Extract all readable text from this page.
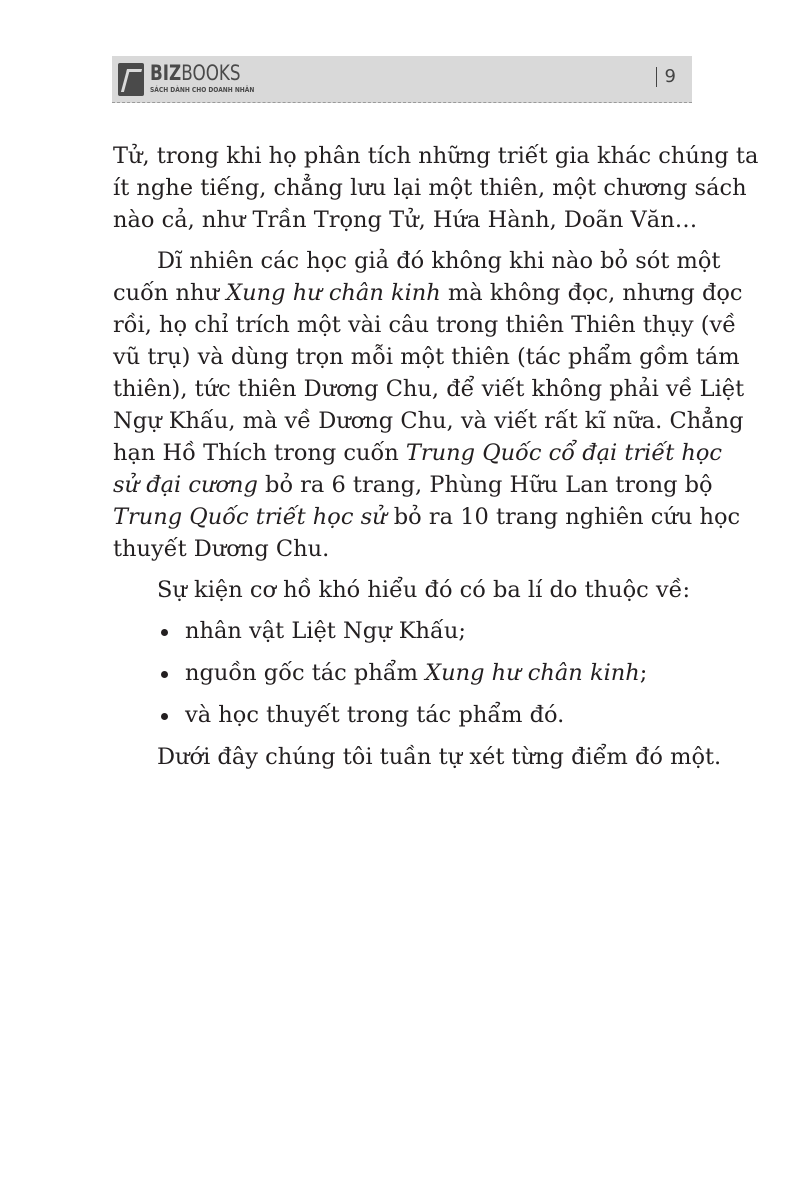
BIZBOOKS
SÁCH DÀNH CHO DOANH NHÂN
9
Tử, trong khi họ phân tích những triết gia khác chúng ta
ít nghe tiếng, chẳng lưu lại một thiên, một chương sách
nào cả, như Trần Trọng Tử, Hứa Hành, Doãn Văn…
Dĩ nhiên các học giả đó không khi nào bỏ sót một
cuốn như Xung hư chân kinh mà không đọc, nhưng đọc
rồi, họ chỉ trích một vài câu trong thiên Thiên thụy (về
vũ trụ) và dùng trọn mỗi một thiên (tác phẩm gồm tám
thiên), tức thiên Dương Chu, để viết không phải về Liệt
Ngự Khấu, mà về Dương Chu, và viết rất kĩ nữa. Chẳng
hạn Hồ Thích trong cuốn Trung Quốc cổ đại triết học
sử đại cương bỏ ra 6 trang, Phùng Hữu Lan trong bộ
Trung Quốc triết học sử bỏ ra 10 trang nghiên cứu học
thuyết Dương Chu.
Sự kiện cơ hồ khó hiểu đó có ba lí do thuộc về:
nhân vật Liệt Ngự Khấu;
nguồn gốc tác phẩm Xung hư chân kinh;
và học thuyết trong tác phẩm đó.
Dưới đây chúng tôi tuần tự xét từng điểm đó một.
